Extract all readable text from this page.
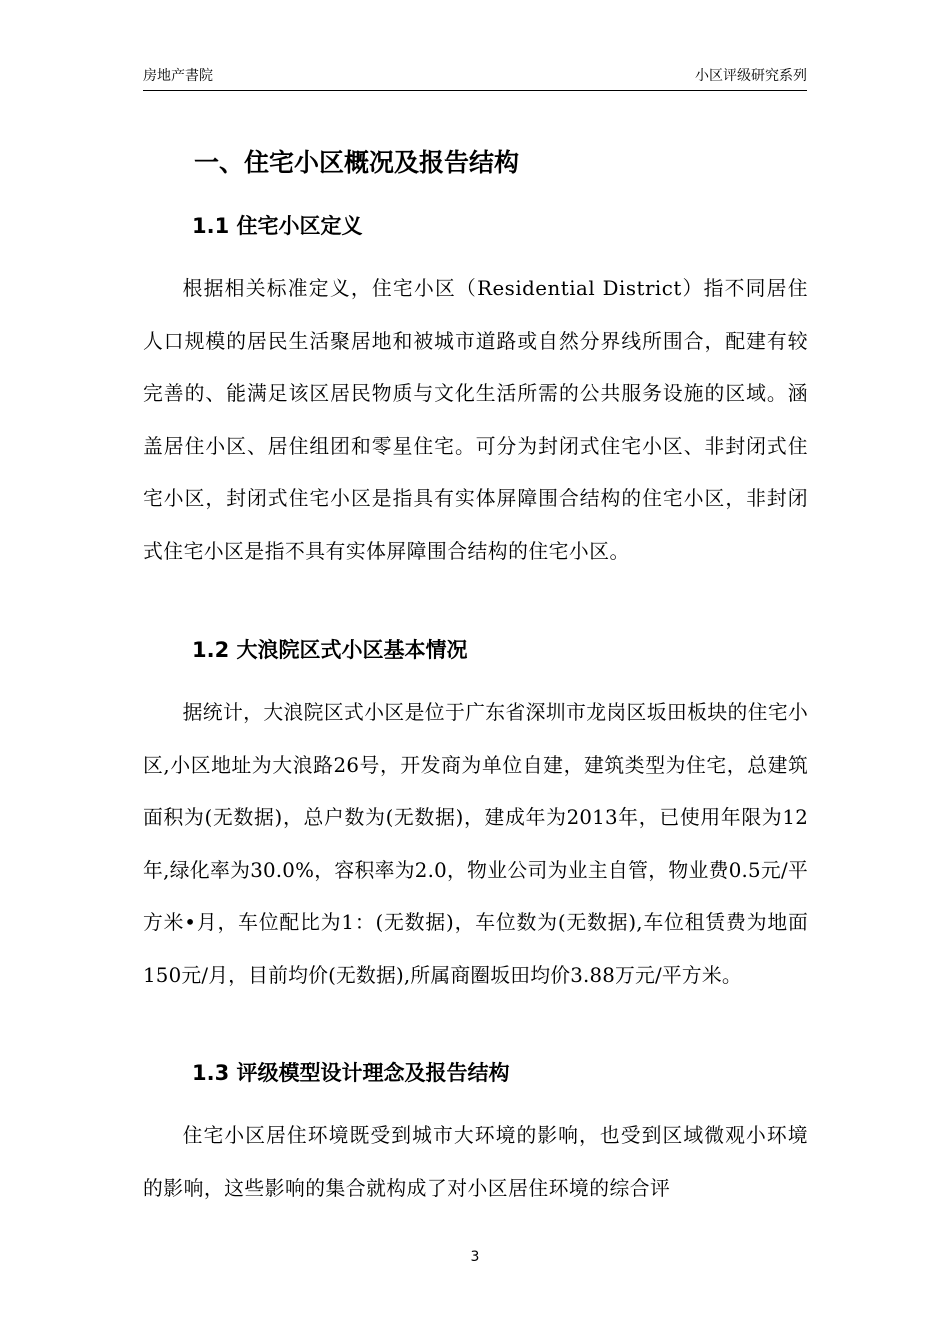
房地产書院	小区评级研究系列
一、住宅小区概况及报告结构
1.1 住宅小区定义

根据相关标准定义，住宅小区（Residential District）指不同居住人口规模的居民生活聚居地和被城市道路或自然分界线所围合，配建有较完善的、能满足该区居民物质与文化生活所需的公共服务设施的区域。涵盖居住小区、居住组团和零星住宅。可分为封闭式住宅小区、非封闭式住宅小区，封闭式住宅小区是指具有实体屏障围合结构的住宅小区，非封闭式住宅小区是指不具有实体屏障围合结构的住宅小区。

1.2 大浪院区式小区基本情况

据统计，大浪院区式小区是位于广东省深圳市龙岗区坂田板块的住宅小区,小区地址为大浪路26号，开发商为单位自建，建筑类型为住宅，总建筑面积为(无数据)，总户数为(无数据)，建成年为2013年，已使用年限为12年,绿化率为30.0%，容积率为2.0，物业公司为业主自管，物业费0.5元/平方米•月，车位配比为1：(无数据)，车位数为(无数据),车位租赁费为地面150元/月，目前均价(无数据),所属商圈坂田均价3.88万元/平方米。

1.3 评级模型设计理念及报告结构

住宅小区居住环境既受到城市大环境的影响，也受到区域微观小环境的影响，这些影响的集合就构成了对小区居住环境的综合评

3
